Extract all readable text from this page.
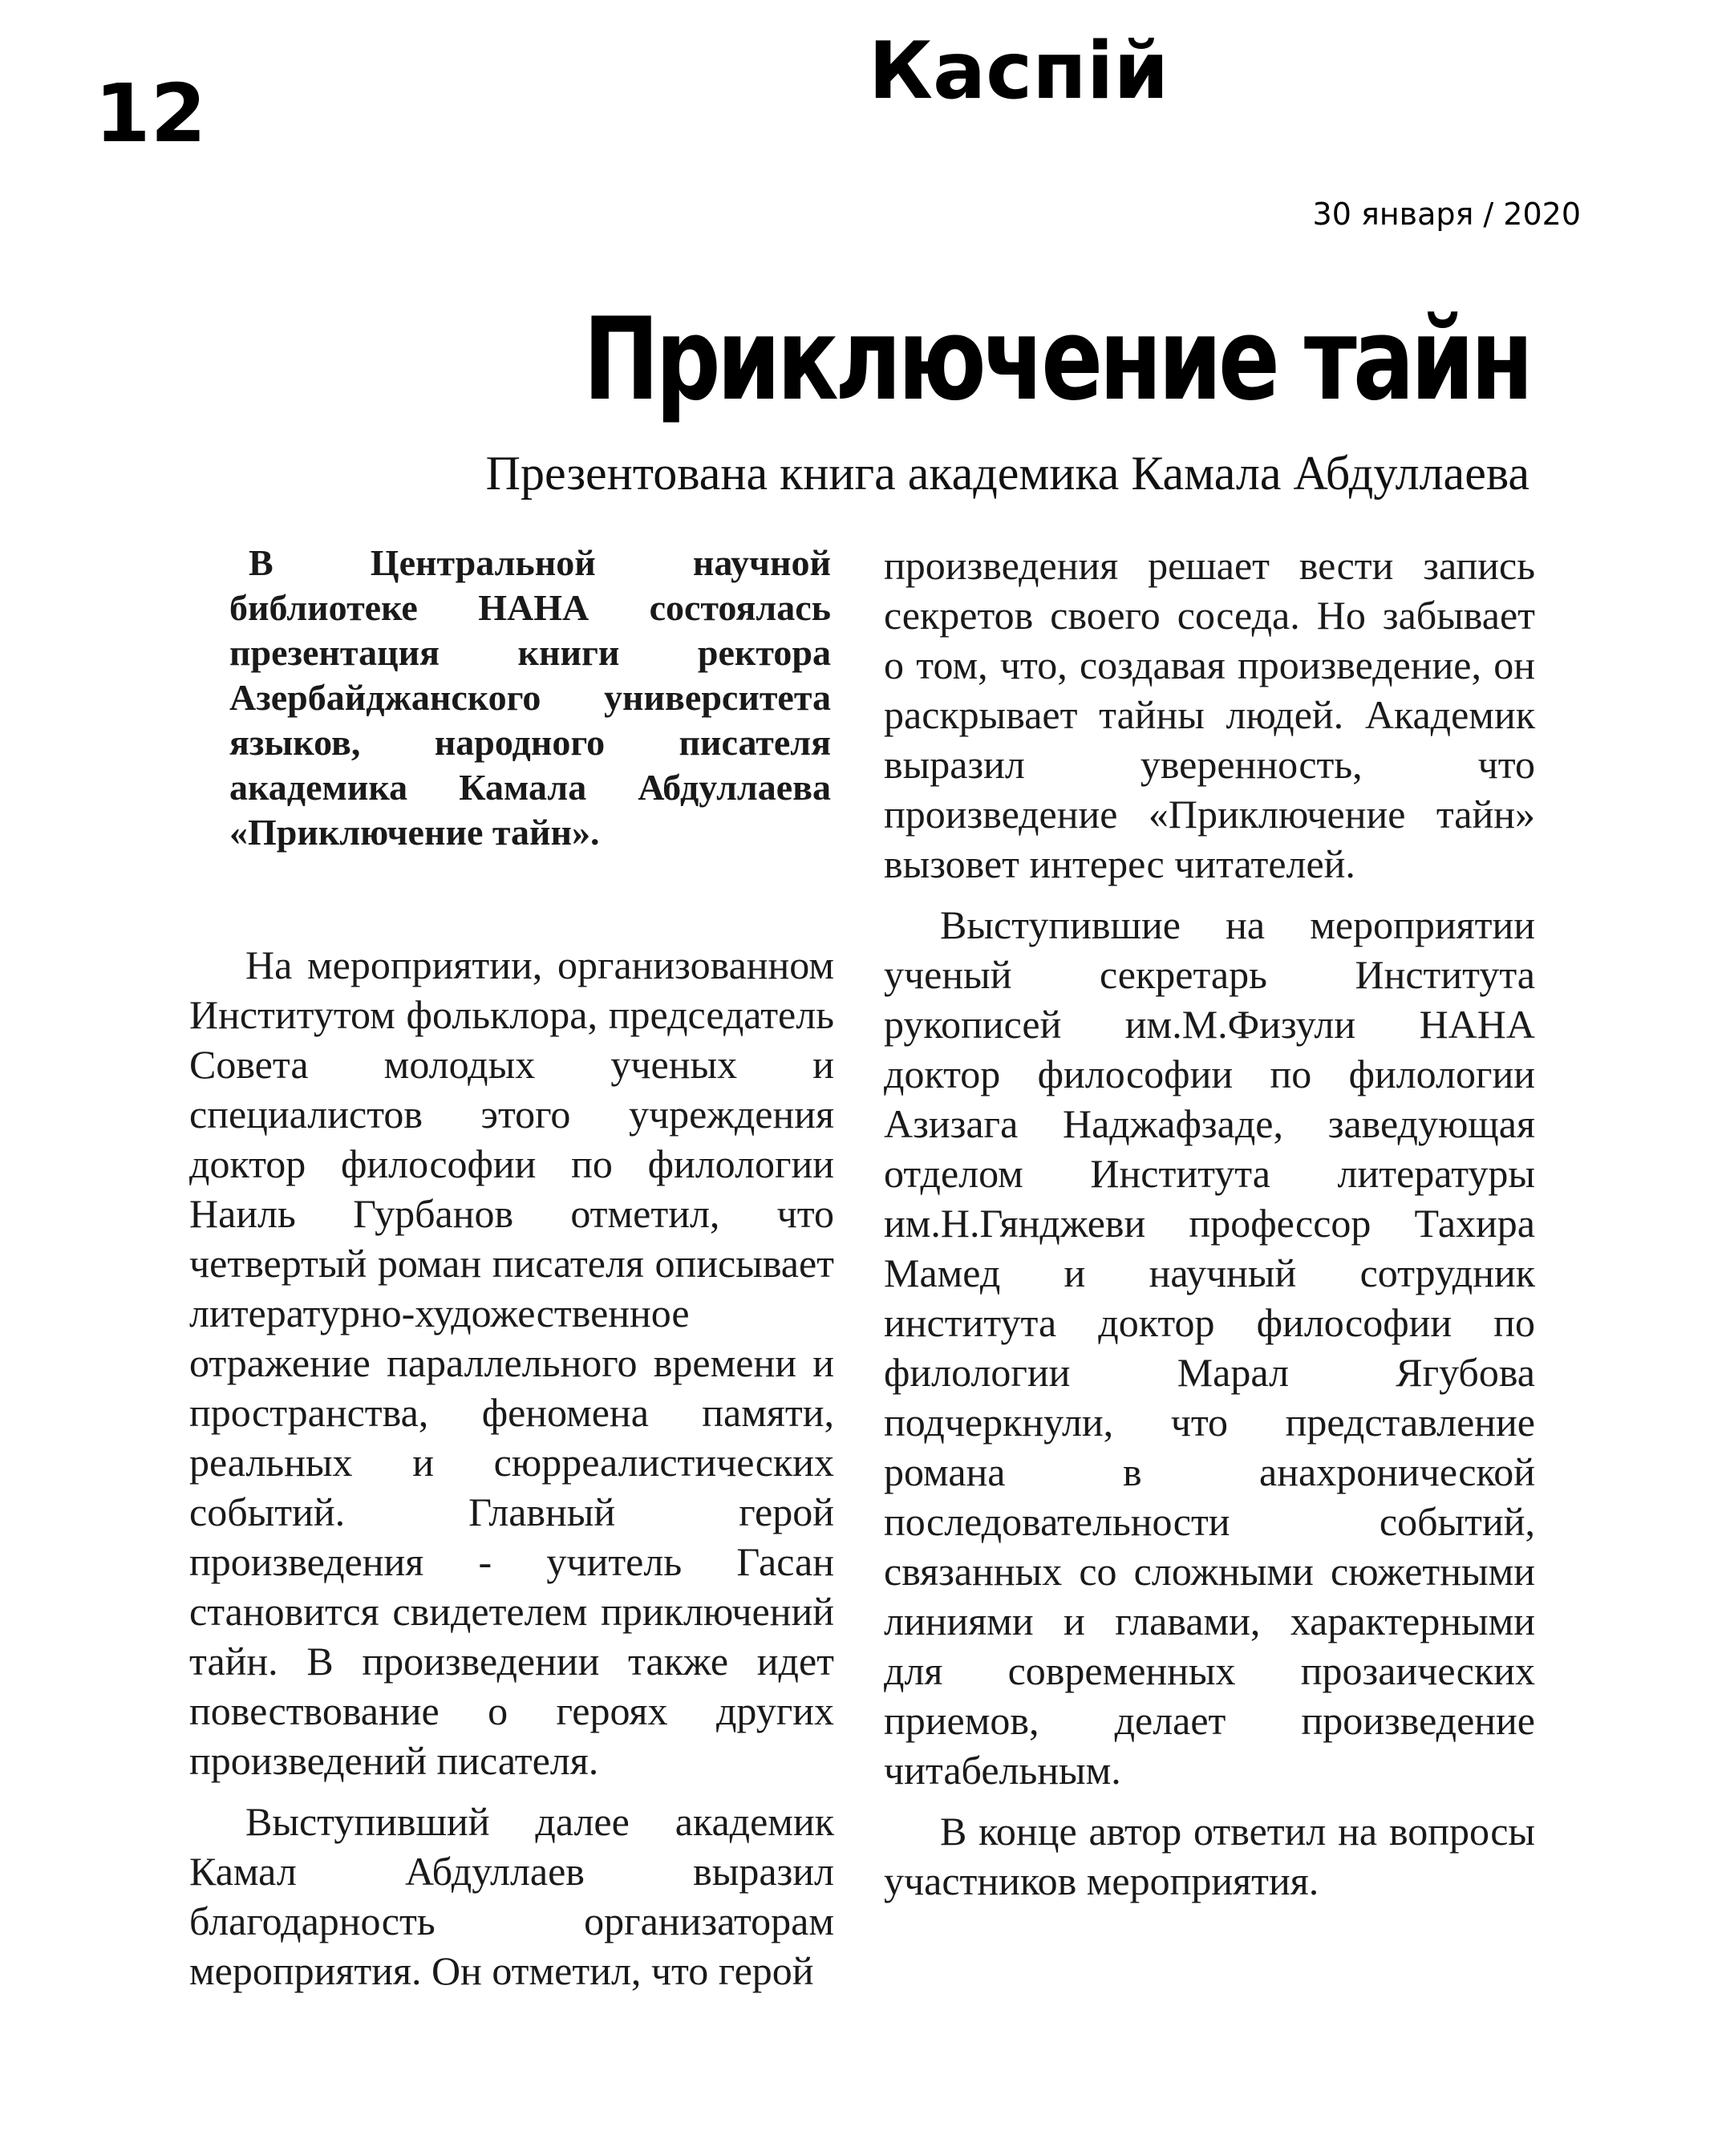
12	Каспiй
30 января / 2020
Приключение тайн
Презентована книга академика Камала Абдуллаева

В Центральной научной библиотеке НАНА состоялась презентация книги ректора Азербайджанского университета языков, народного писателя академика Камала Абдуллаева «Приключение тайн».

На мероприятии, организованном Институтом фольклора, председатель Совета молодых ученых и специалистов этого учреждения доктор философии по филологии Наиль Гурбанов отметил, что четвертый роман писателя описывает литературно-художественное отражение параллельного времени и пространства, феномена памяти, реальных и сюрреалистических событий. Главный герой произведения - учитель Гасан становится свидетелем приключений тайн. В произведении также идет повествование о героях других произведений писателя.

Выступивший далее академик Камал Абдуллаев выразил благодарность организаторам мероприятия. Он отметил, что герой

произведения решает вести запись секретов своего соседа. Но забывает о том, что, создавая произведение, он раскрывает тайны людей. Академик выразил уверенность, что произведение «Приключение тайн» вызовет интерес читателей.

Выступившие на мероприятии ученый секретарь Института рукописей им.М.Физули НАНА доктор философии по филологии Азизага Наджафзаде, заведующая отделом Института литературы им.Н.Гянджеви профессор Тахира Мамед и научный сотрудник института доктор философии по филологии Марал Ягубова подчеркнули, что представление романа в анахронической последовательности событий, связанных со сложными сюжетными линиями и главами, характерными для современных прозаических приемов, делает произведение читабельным.

В конце автор ответил на вопросы участников мероприятия.
